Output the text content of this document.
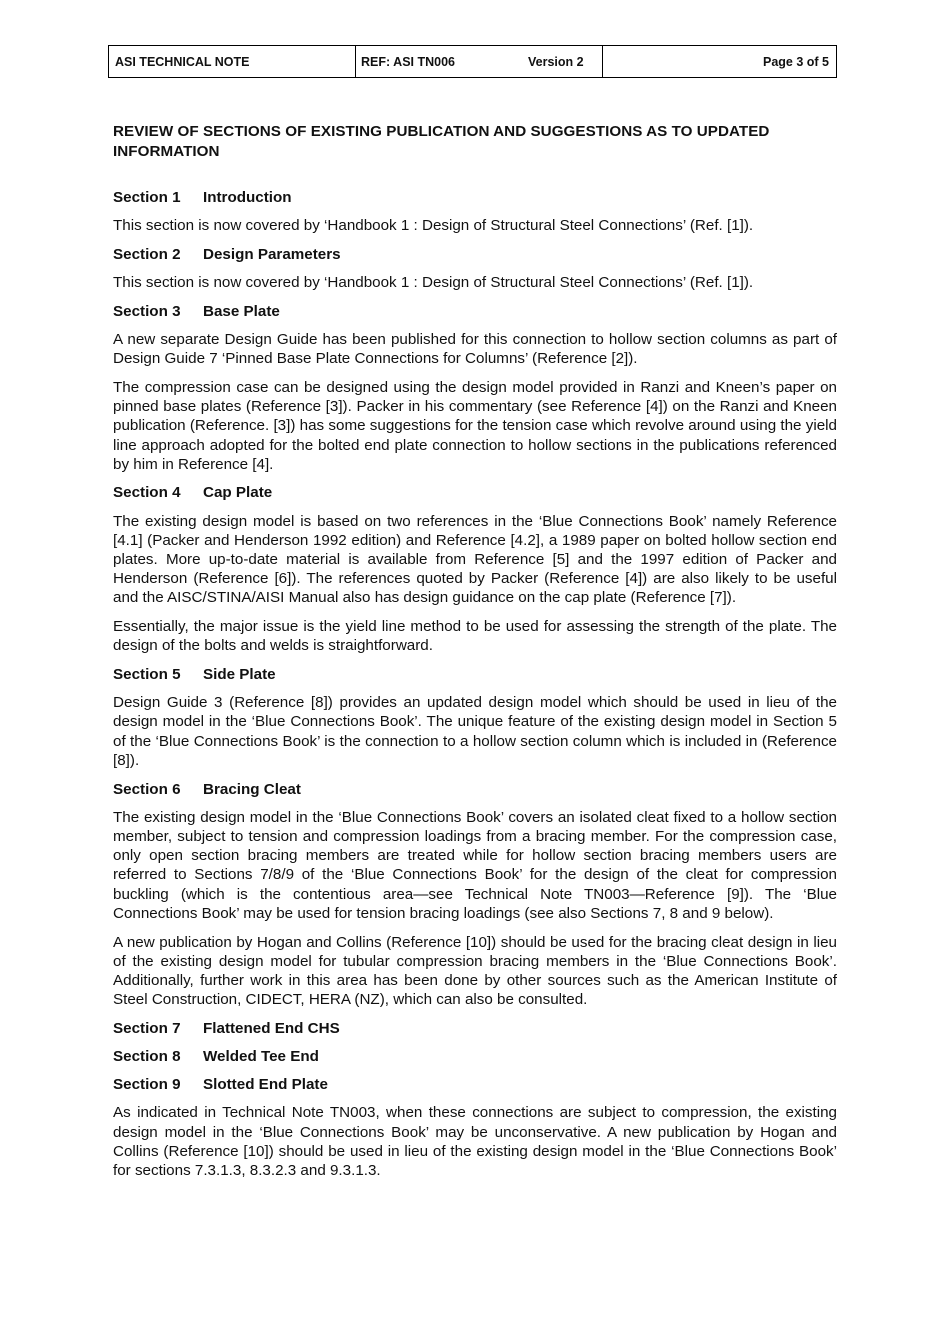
ASI TECHNICAL NOTE	REF: ASI TN006	Version 2	Page 3 of 5
REVIEW OF SECTIONS OF EXISTING PUBLICATION AND SUGGESTIONS AS TO UPDATED INFORMATION
Section 1 Introduction

This section is now covered by ‘Handbook 1 : Design of Structural Steel Connections’ (Ref. [1]).

Section 2 Design Parameters

This section is now covered by ‘Handbook 1 : Design of Structural Steel Connections’ (Ref. [1]).

Section 3 Base Plate

A new separate Design Guide has been published for this connection to hollow section columns as part of Design Guide 7 ‘Pinned Base Plate Connections for Columns’ (Reference [2]).

The compression case can be designed using the design model provided in Ranzi and Kneen’s paper on pinned base plates (Reference [3]). Packer in his commentary (see Reference [4]) on the Ranzi and Kneen publication (Reference. [3]) has some suggestions for the tension case which revolve around using the yield line approach adopted for the bolted end plate connection to hollow sections in the publications referenced by him in Reference [4].

Section 4 Cap Plate

The existing design model is based on two references in the ‘Blue Connections Book’ namely Reference [4.1] (Packer and Henderson 1992 edition) and Reference [4.2], a 1989 paper on bolted hollow section end plates. More up-to-date material is available from Reference [5] and the 1997 edition of Packer and Henderson (Reference [6]). The references quoted by Packer (Reference [4]) are also likely to be useful and the AISC/STINA/AISI Manual also has design guidance on the cap plate (Reference [7]).

Essentially, the major issue is the yield line method to be used for assessing the strength of the plate. The design of the bolts and welds is straightforward.

Section 5 Side Plate

Design Guide 3 (Reference [8]) provides an updated design model which should be used in lieu of the design model in the ‘Blue Connections Book’. The unique feature of the existing design model in Section 5 of the ‘Blue Connections Book’ is the connection to a hollow section column which is included in (Reference [8]).

Section 6 Bracing Cleat

The existing design model in the ‘Blue Connections Book’ covers an isolated cleat fixed to a hollow section member, subject to tension and compression loadings from a bracing member. For the compression case, only open section bracing members are treated while for hollow section bracing members users are referred to Sections 7/8/9 of the ‘Blue Connections Book’ for the design of the cleat for compression buckling (which is the contentious area—see Technical Note TN003—Reference [9]). The ‘Blue Connections Book’ may be used for tension bracing loadings (see also Sections 7, 8 and 9 below).

A new publication by Hogan and Collins (Reference [10]) should be used for the bracing cleat design in lieu of the existing design model for tubular compression bracing members in the ‘Blue Connections Book’. Additionally, further work in this area has been done by other sources such as the American Institute of Steel Construction, CIDECT, HERA (NZ), which can also be consulted.

Section 7 Flattened End CHS
Section 8 Welded Tee End
Section 9 Slotted End Plate

As indicated in Technical Note TN003, when these connections are subject to compression, the existing design model in the ‘Blue Connections Book’ may be unconservative. A new publication by Hogan and Collins (Reference [10]) should be used in lieu of the existing design model in the ‘Blue Connections Book’ for sections 7.3.1.3, 8.3.2.3 and 9.3.1.3.
